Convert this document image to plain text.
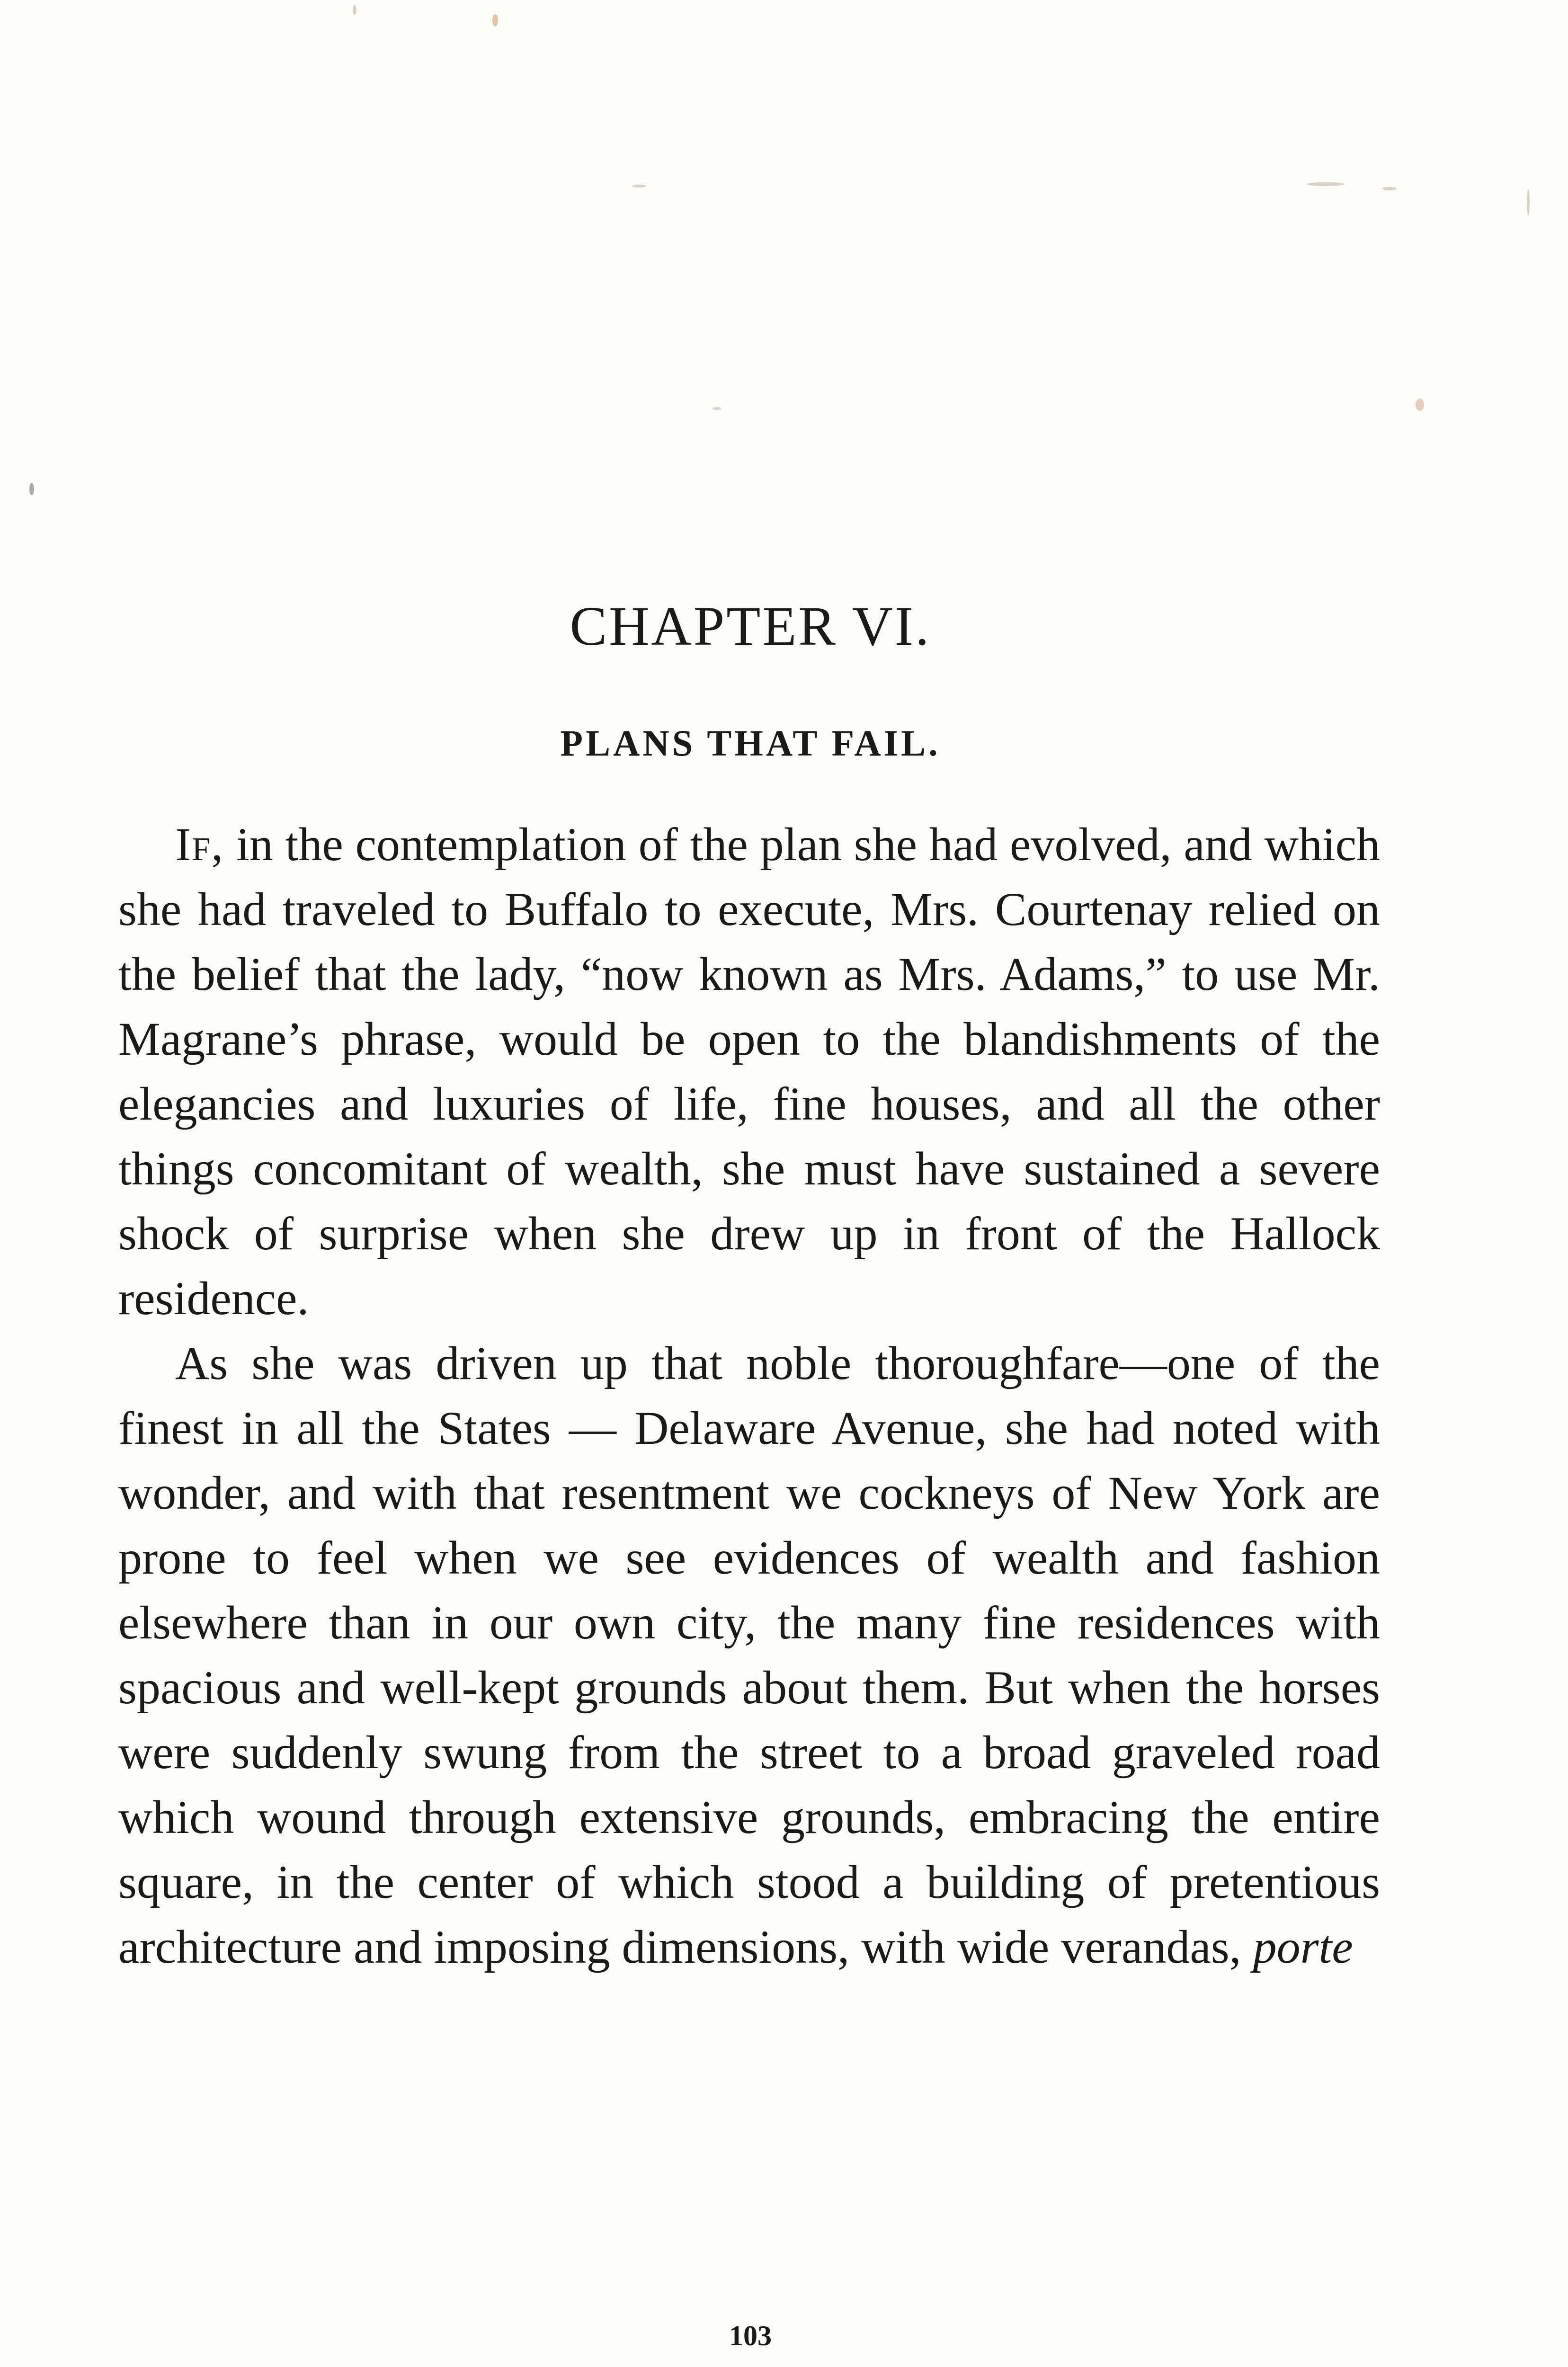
CHAPTER VI.
PLANS THAT FAIL.

If, in the contemplation of the plan she had evolved, and which she had traveled to Buffalo to execute, Mrs. Courtenay relied on the belief that the lady, “now known as Mrs. Adams,” to use Mr. Magrane’s phrase, would be open to the blandishments of the elegancies and luxuries of life, fine houses, and all the other things concomitant of wealth, she must have sustained a severe shock of surprise when she drew up in front of the Hallock residence.

As she was driven up that noble thoroughfare—one of the finest in all the States — Delaware Avenue, she had noted with wonder, and with that resentment we cockneys of New York are prone to feel when we see evidences of wealth and fashion elsewhere than in our own city, the many fine residences with spacious and well-kept grounds about them. But when the horses were suddenly swung from the street to a broad graveled road which wound through extensive grounds, embracing the entire square, in the center of which stood a building of pretentious architecture and imposing dimensions, with wide verandas, porte

103
